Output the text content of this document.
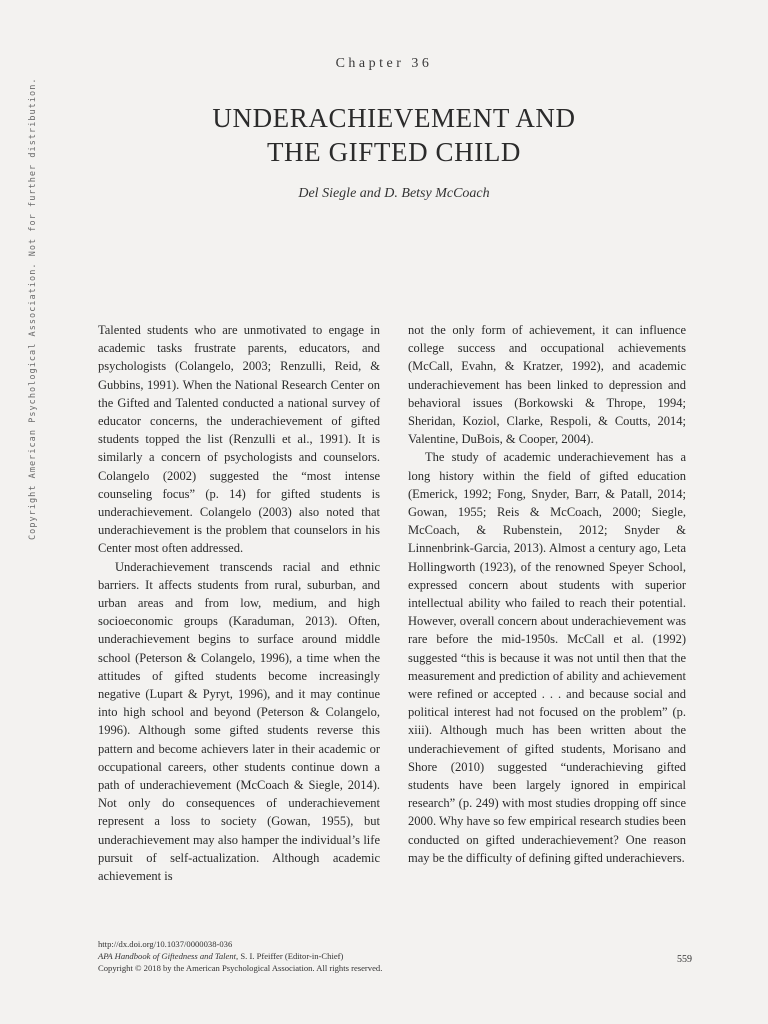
Chapter 36
UNDERACHIEVEMENT AND
THE GIFTED CHILD
Del Siegle and D. Betsy McCoach
Copyright American Psychological Association. Not for further distribution.	Talented students who are unmotivated to engage in academic tasks frustrate parents, educators, and psychologists (Colangelo, 2003; Renzulli, Reid, & Gubbins, 1991). When the National Research Center on the Gifted and Talented conducted a national survey of educator concerns, the underachievement of gifted students topped the list (Renzulli et al., 1991). It is similarly a concern of psychologists and counselors. Colangelo (2002) suggested the “most intense counseling focus” (p. 14) for gifted students is underachievement. Colangelo (2003) also noted that underachievement is the problem that counselors in his Center most often addressed.

Underachievement transcends racial and ethnic barriers. It affects students from rural, suburban, and urban areas and from low, medium, and high socioeconomic groups (Karaduman, 2013). Often, underachievement begins to surface around middle school (Peterson & Colangelo, 1996), a time when the attitudes of gifted students become increasingly negative (Lupart & Pyryt, 1996), and it may continue into high school and beyond (Peterson & Colangelo, 1996). Although some gifted students reverse this pattern and become achievers later in their academic or occupational careers, other students continue down a path of underachievement (McCoach & Siegle, 2014). Not only do consequences of underachievement represent a loss to society (Gowan, 1955), but underachievement may also hamper the individual’s life pursuit of self-actualization. Although academic achievement is

not the only form of achievement, it can influence college success and occupational achievements (McCall, Evahn, & Kratzer, 1992), and academic underachievement has been linked to depression and behavioral issues (Borkowski & Thrope, 1994; Sheridan, Koziol, Clarke, Respoli, & Coutts, 2014; Valentine, DuBois, & Cooper, 2004).

The study of academic underachievement has a long history within the field of gifted education (Emerick, 1992; Fong, Snyder, Barr, & Patall, 2014; Gowan, 1955; Reis & McCoach, 2000; Siegle, McCoach, & Rubenstein, 2012; Snyder & Linnenbrink-Garcia, 2013). Almost a century ago, Leta Hollingworth (1923), of the renowned Speyer School, expressed concern about students with superior intellectual ability who failed to reach their potential. However, overall concern about underachievement was rare before the mid-1950s. McCall et al. (1992) suggested “this is because it was not until then that the measurement and prediction of ability and achievement were refined or accepted . . . and because social and political interest had not focused on the problem” (p. xiii). Although much has been written about the underachievement of gifted students, Morisano and Shore (2010) suggested “underachieving gifted students have been largely ignored in empirical research” (p. 249) with most studies dropping off since 2000. Why have so few empirical research studies been conducted on gifted underachievement? One reason may be the difficulty of defining gifted underachievers.

http://dx.doi.org/10.1037/0000038-036
APA Handbook of Giftedness and Talent, S. I. Pfeiffer (Editor-in-Chief)
Copyright © 2018 by the American Psychological Association. All rights reserved.
559
